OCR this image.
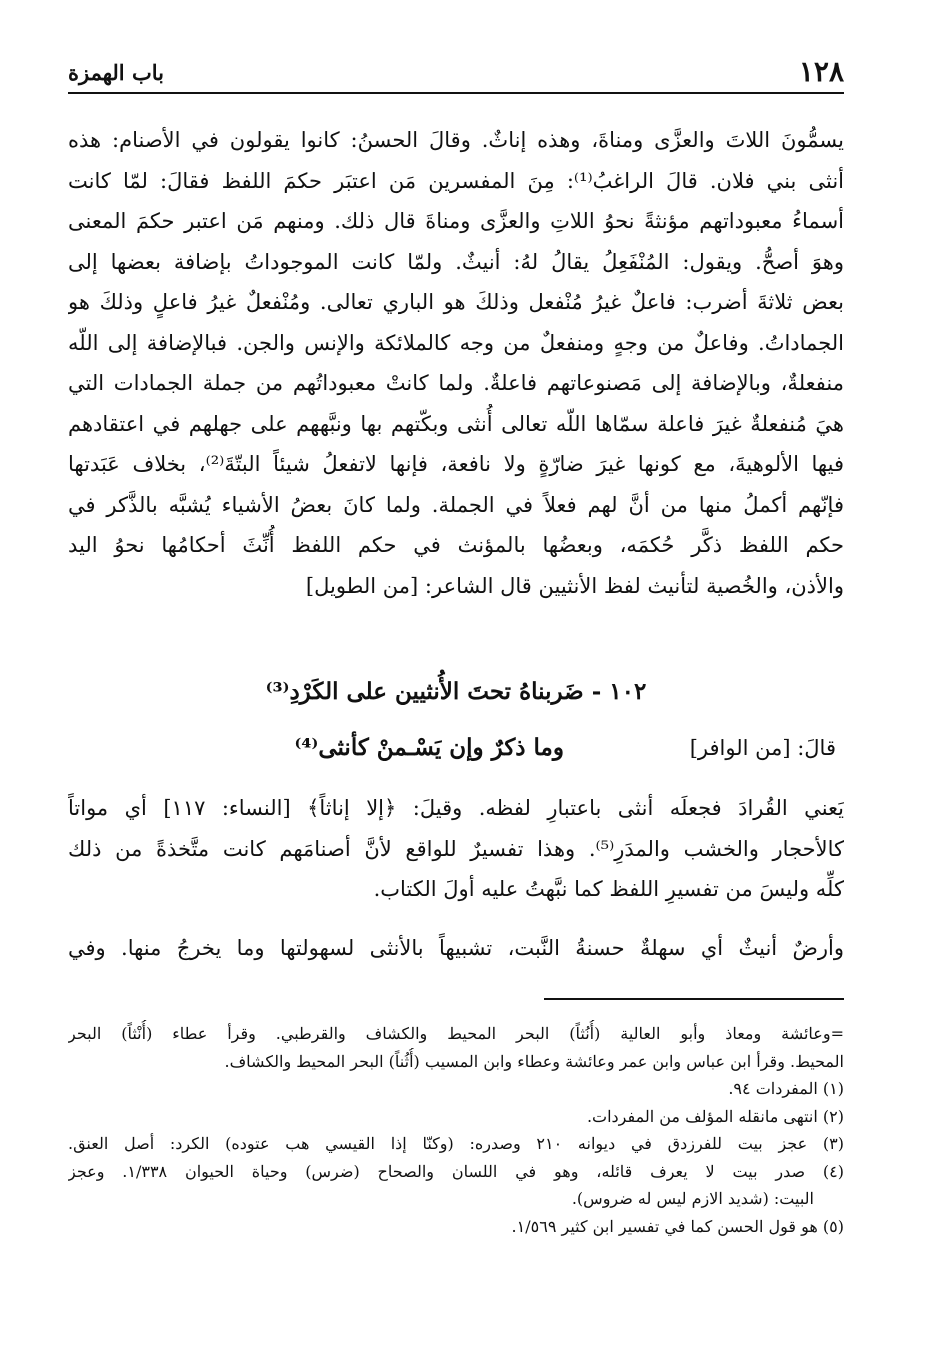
١٢٨
باب الهمزة
يسمُّونَ اللاتَ والعزَّى ومناةَ، وهذه إناثٌ. وقالَ الحسنُ: كانوا يقولون في الأصنام: هذه
أنثى بني فلان. قالَ الراغبُ⁽¹⁾: مِنَ المفسرين مَن اعتبَر حكمَ اللفظ فقالَ: لمّا كانت
أسماءُ معبوداتهم مؤنثةً نحوُ اللاتِ والعزَّى ومناةَ قال ذلك. ومنهم مَن اعتبر حكمَ المعنى
وهوَ أصحُّ. ويقول: المُنْفَعِلُ يقالُ لهُ: أنيثٌ. ولمّا كانت الموجوداتُ بإضافة بعضها إلى
بعض ثلاثةَ أضرب: فاعلٌ غيرُ مُنْفعل وذلكَ هو الباري تعالى. ومُنْفعلٌ غيرُ فاعلٍ وذلكَ هو
الجماداتُ. وفاعلٌ من وجهٍ ومنفعلٌ من وجه كالملائكة والإنس والجن. فبالإضافة إلى اللّه
منفعلةٌ، وبالإضافة إلى مَصنوعاتهم فاعلةٌ. ولما كانتْ معبوداتُهم من جملة الجمادات التي
هيَ مُنفعلةٌ غيرَ فاعلة سمّاها اللّه تعالى أُنثى وبكّتهم بها ونبَّههم على جهلهم في اعتقادهم
فيها الألوهيةَ، مع كونها غيرَ ضارّةٍ ولا نافعة، فإنها لاتفعلُ شيئاً البتّةَ⁽²⁾، بخلاف عَبَدتها
فإنّهم أكملُ منها من أنَّ لهم فعلاً في الجملة. ولما كانَ بعضُ الأشياء يُشبَّه بالذَّكر في
حكم اللفظ ذكَّر حُكمَه، وبعضُها بالمؤنث في حكم اللفظ أُنِّثَ أحكامُها نحوُ اليد
والأذن، والخُصية لتأنيث لفظ الأنثيين قال الشاعر: [من الطويل]
١٠٢ - ضَربناهُ تحتَ الأُنثيين على الكَرْدِ⁽³⁾
قالَ: [من الوافر]
وما ذكرٌ وإن يَسْـمنْ كأنثى⁽⁴⁾
يَعني القُرادَ فجعلَه أنثى باعتبارِ لفظه. وقيلَ: ﴿إلا إناثاً﴾ [النساء: ١١٧] أي مواتاً
كالأحجار والخشب والمدَرِ⁽⁵⁾. وهذا تفسيرٌ للواقع لأنَّ أصنامَهم كانت متَّخذةً من ذلك
كلِّه وليسَ من تفسيرِ اللفظ كما نبَّهتُ عليه أولَ الكتاب.
وأرضٌ أنيثٌ أي سهلةٌ حسنةُ النَّبت، تشبيهاً بالأنثى لسهولتها وما يخرجُ منها. وفي
=وعائشة ومعاذ وأبو العالية (أُنُثاً) البحر المحيط والكشاف والقرطبي. وقرأ عطاء (أُنْثاً) البحر
المحيط. وقرأ ابن عباس وابن عمر وعائشة وعطاء وابن المسيب (أُثُناً) البحر المحيط والكشاف.
(١) المفردات ٩٤.
(٢) انتهى مانقله المؤلف من المفردات.
(٣) عجز بيت للفرزدق في ديوانه ٢١٠ وصدره: (وكنّا إذا القيسي هب عتوده) الكرد: أصل العنق.
(٤) صدر بيت لا يعرف قائله، وهو في اللسان والصحاح (ضرس) وحياة الحيوان ١/٣٣٨. وعجز
البيت: (شديد الازم ليس له ضروس).
(٥) هو قول الحسن كما في تفسير ابن كثير ١/٥٦٩.
